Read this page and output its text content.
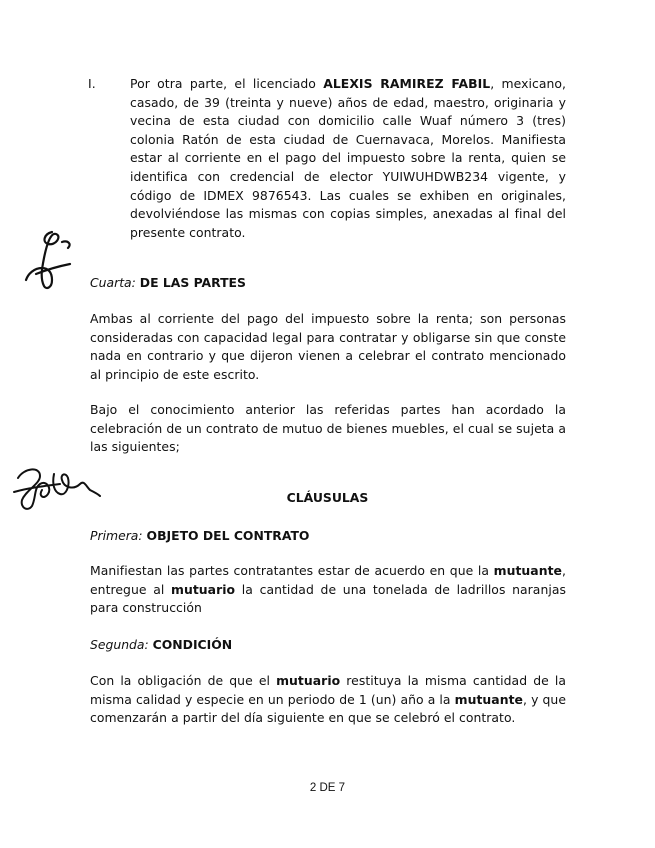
I.	Por otra parte, el licenciado ALEXIS RAMIREZ FABIL, mexicano, casado, de 39 (treinta y nueve) años de edad, maestro, originaria y vecina de esta ciudad con domicilio calle Wuaf número 3 (tres) colonia Ratón de esta ciudad de Cuernavaca, Morelos. Manifiesta estar al corriente en el pago del impuesto sobre la renta, quien se identifica con credencial de elector YUIWUHDWB234 vigente, y código de IDMEX 9876543. Las cuales se exhiben en originales, devolviéndose las mismas con copias simples, anexadas al final del presente contrato.
Cuarta: DE LAS PARTES
Ambas al corriente del pago del impuesto sobre la renta; son personas consideradas con capacidad legal para contratar y obligarse sin que conste nada en contrario y que dijeron vienen a celebrar el contrato mencionado al principio de este escrito.
Bajo el conocimiento anterior las referidas partes han acordado la celebración de un contrato de mutuo de bienes muebles, el cual se sujeta a las siguientes;
CLÁUSULAS
Primera: OBJETO DEL CONTRATO
Manifiestan las partes contratantes estar de acuerdo en que la mutuante, entregue al mutuario la cantidad de una tonelada de ladrillos naranjas para construcción
Segunda: CONDICIÓN
Con la obligación de que el mutuario restituya la misma cantidad de la misma calidad y especie en un periodo de 1 (un) año a la mutuante, y que comenzarán a partir del día siguiente en que se celebró el contrato.
2 DE 7
